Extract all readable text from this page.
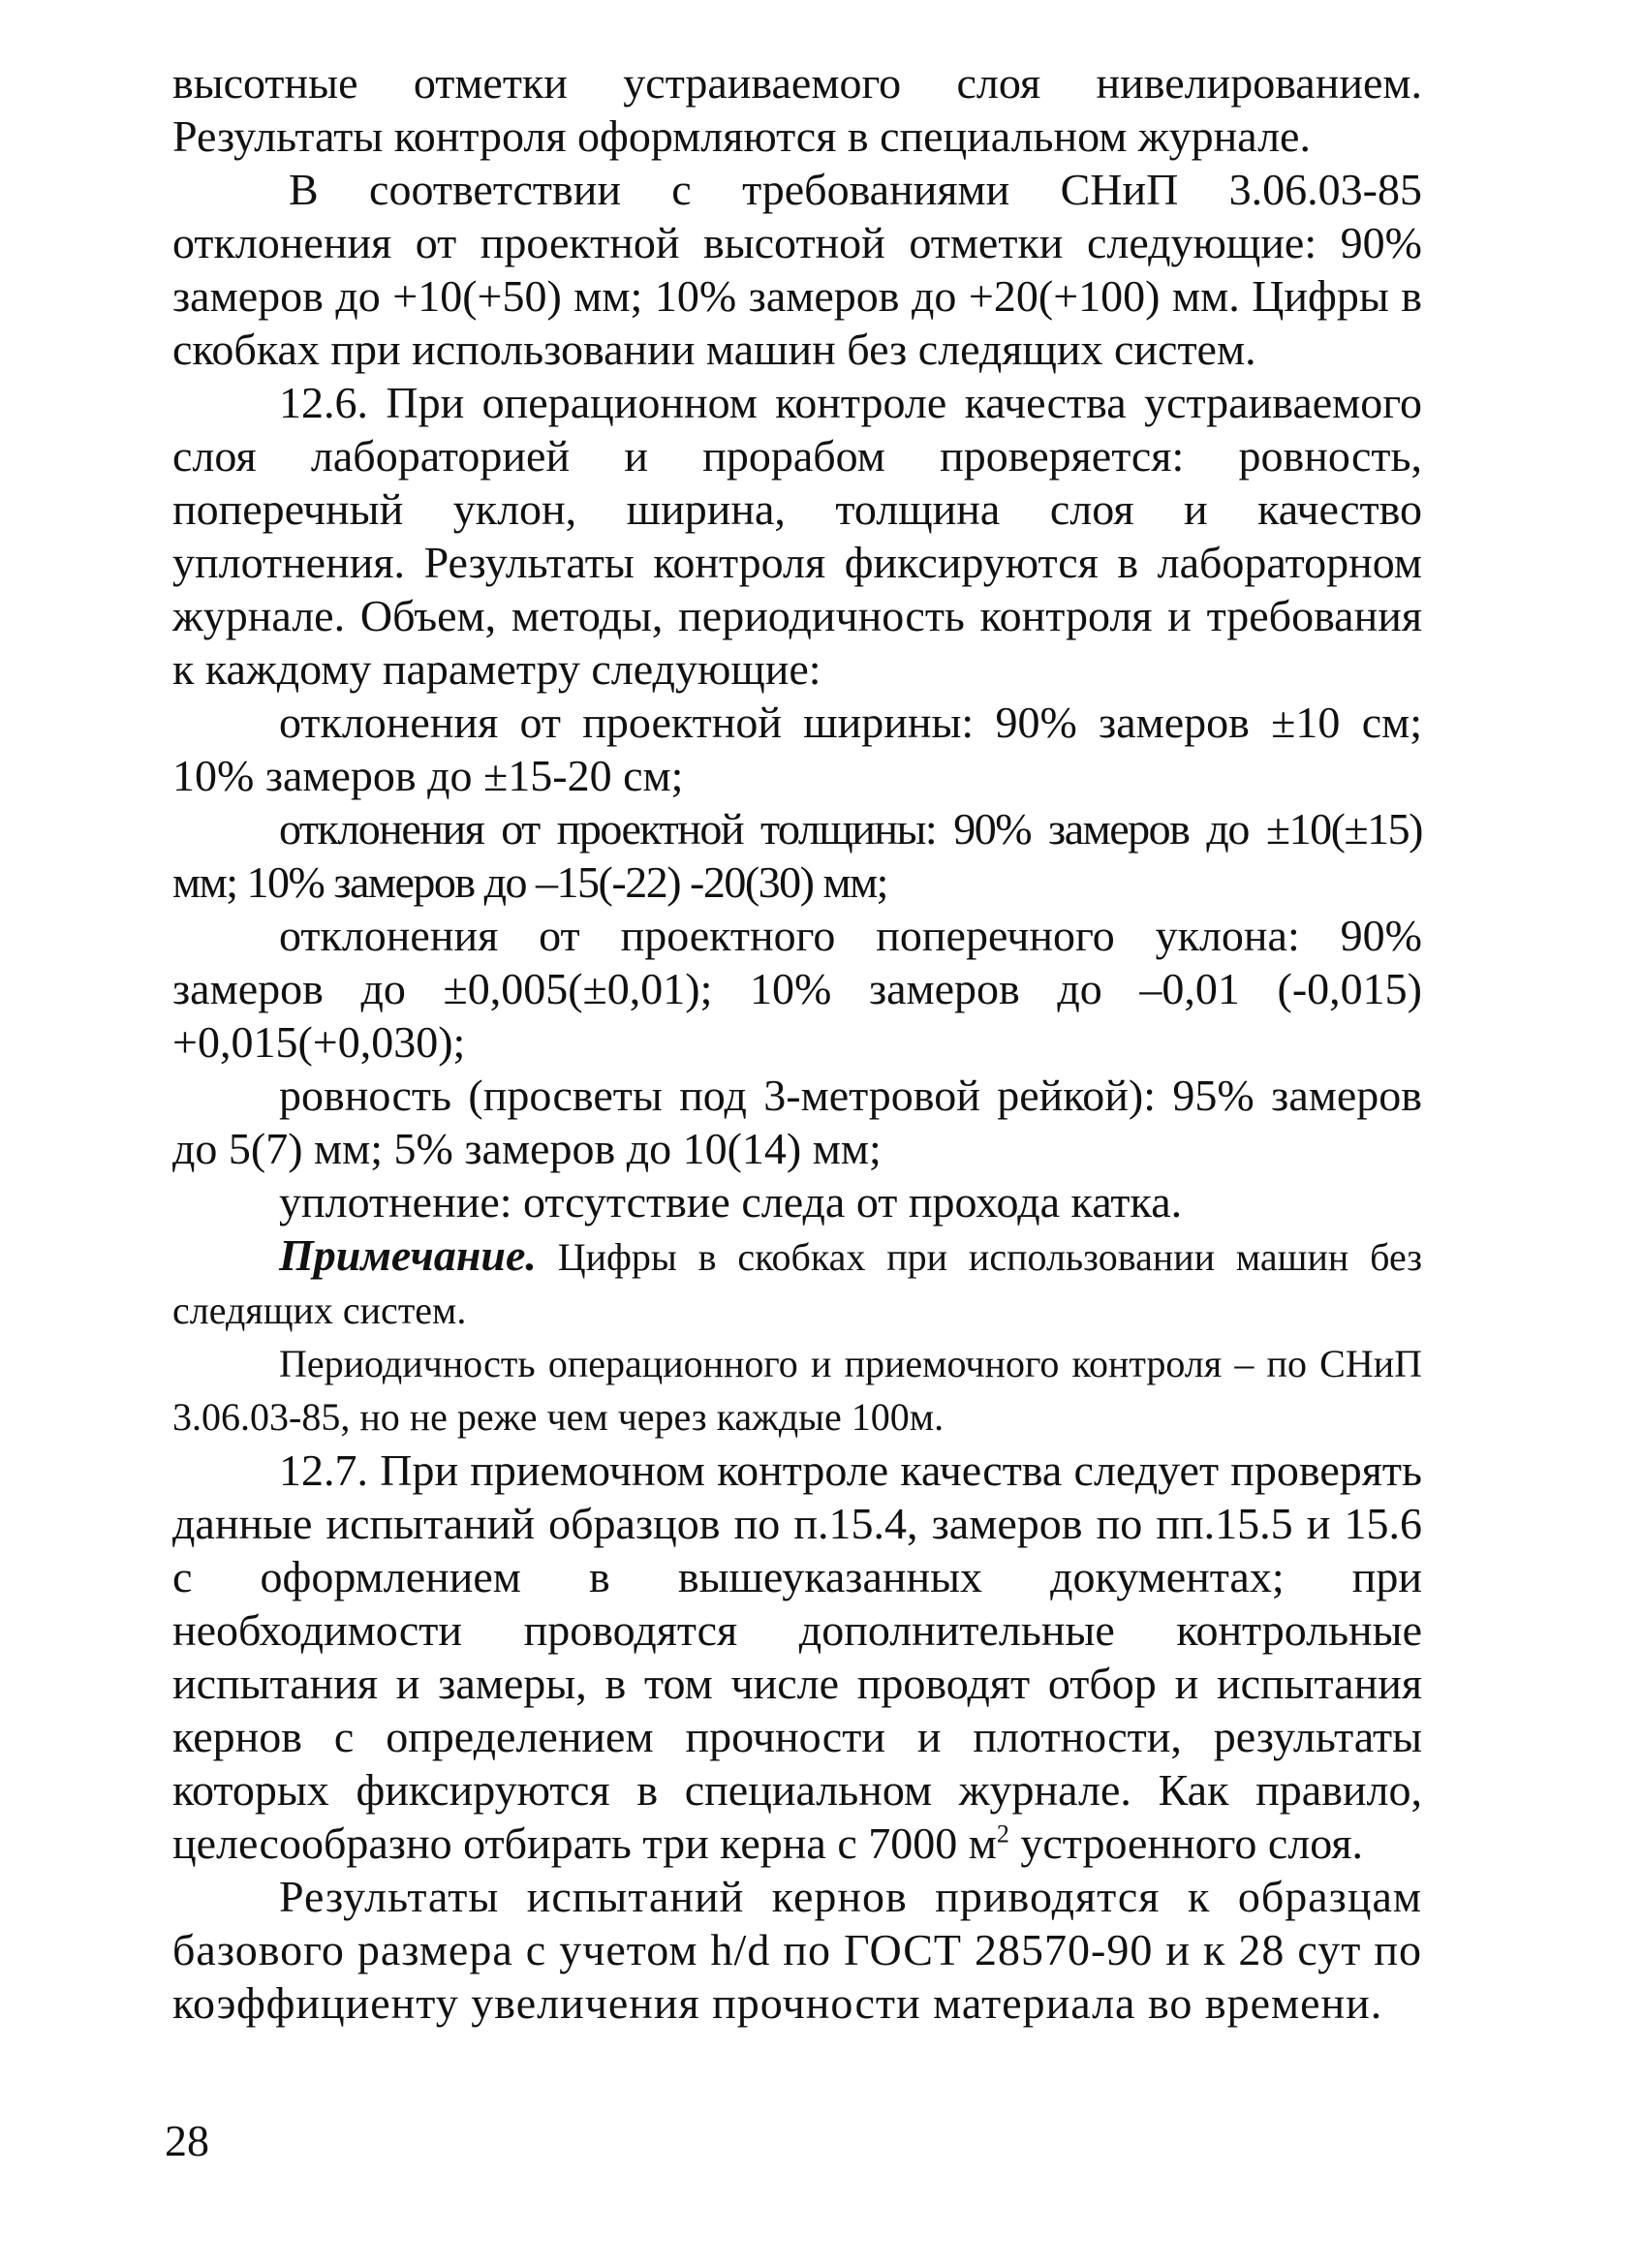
высотные отметки устраиваемого слоя нивелированием. Результаты контроля оформляются в специальном журнале.

В соответствии с требованиями СНиП 3.06.03-85 отклонения от проектной высотной отметки следующие: 90% замеров до +10(+50) мм; 10% замеров до +20(+100) мм. Цифры в скобках при использовании машин без следящих систем.

12.6. При операционном контроле качества устраиваемого слоя лабораторией и прорабом проверяется: ровность, поперечный уклон, ширина, толщина слоя и качество уплотнения. Результаты контроля фиксируются в лабораторном журнале. Объем, методы, периодичность контроля и требования к каждому параметру следующие:

отклонения от проектной ширины: 90% замеров ±10 см; 10% замеров до ±15-20 см;

отклонения от проектной толщины: 90% замеров до ±10(±15) мм; 10% замеров до –15(-22) -20(30) мм;

отклонения от проектного поперечного уклона: 90% замеров до ±0,005(±0,01); 10% замеров до –0,01 (-0,015) +0,015(+0,030);

ровность (просветы под 3-метровой рейкой): 95% замеров до 5(7) мм; 5% замеров до 10(14) мм;

уплотнение: отсутствие следа от прохода катка.

Примечание. Цифры в скобках при использовании машин без следящих систем.

Периодичность операционного и приемочного контроля – по СНиП 3.06.03-85, но не реже чем через каждые 100м.

12.7. При приемочном контроле качества следует проверять данные испытаний образцов по п.15.4, замеров по пп.15.5 и 15.6 с оформлением в вышеуказанных документах; при необходимости проводятся дополнительные контрольные испытания и замеры, в том числе проводят отбор и испытания кернов с определением прочности и плотности, результаты которых фиксируются в специальном журнале. Как правило, целесообразно отбирать три керна с 7000 $м^2$ устроенного слоя.

Результаты испытаний кернов приводятся к образцам базового размера с учетом h/d по ГОСТ 28570-90 и к 28 сут по коэффициенту увеличения прочности материала во времени.

28
